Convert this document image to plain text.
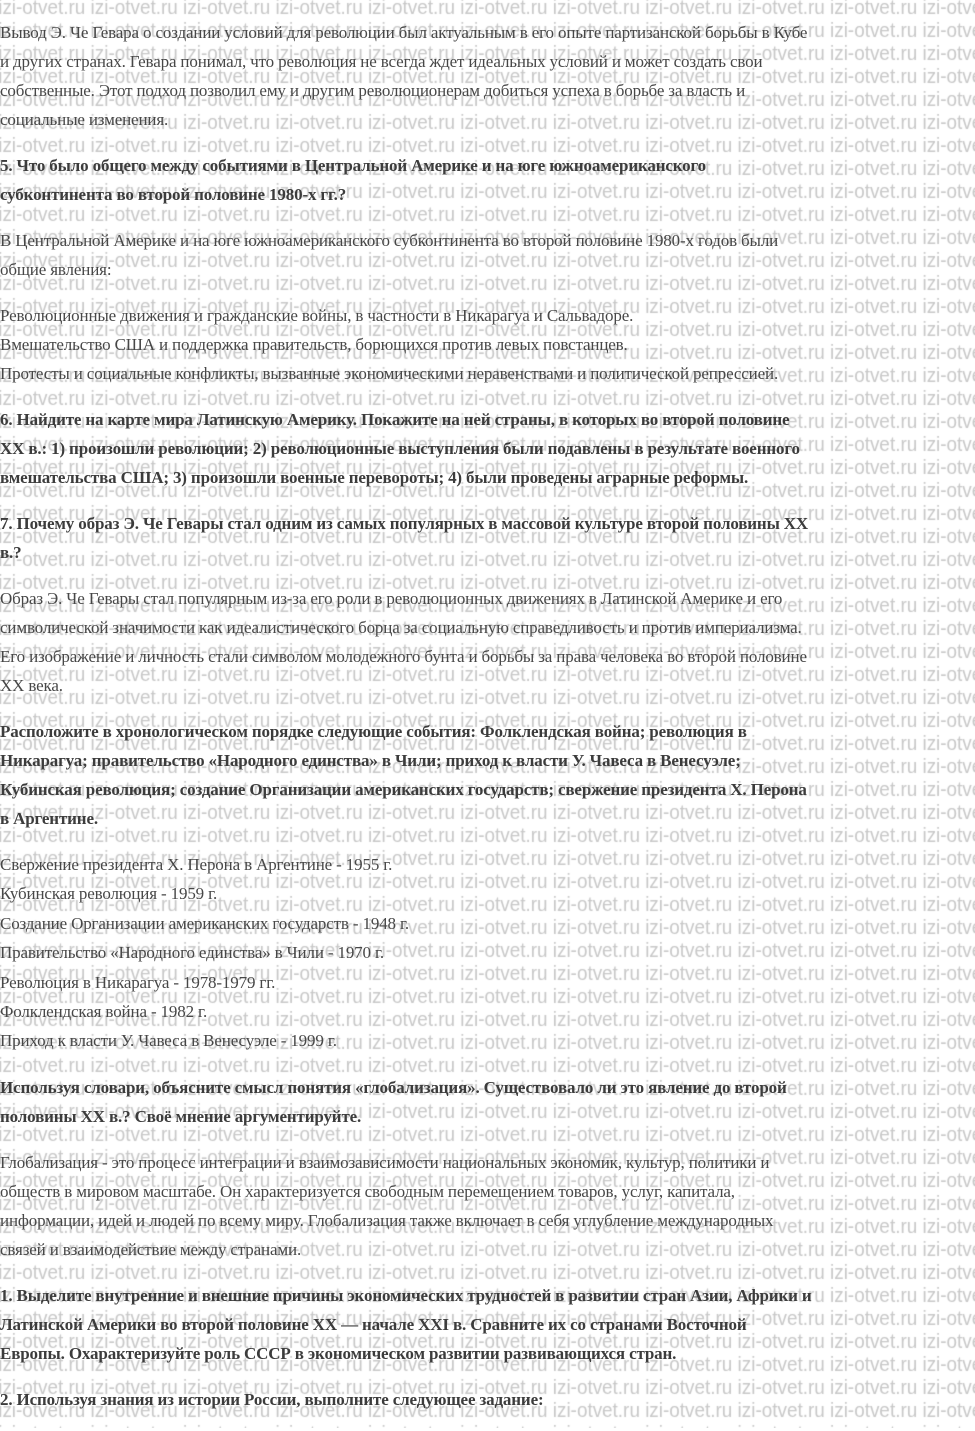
Вывод Э. Че Гевара о создании условий для революции был актуальным в его опыте партизанской борьбы в Кубе
и других странах. Гевара понимал, что революция не всегда ждет идеальных условий и может создать свои
собственные. Этот подход позволил ему и другим революционерам добиться успеха в борьбе за власть и
социальные изменения.
5. Что было общего между событиями в Центральной Америке и на юге южноамериканского
субконтинента во второй половине 1980-х гг.?
В Центральной Америке и на юге южноамериканского субконтинента во второй половине 1980-х годов были
общие явления:
Революционные движения и гражданские войны, в частности в Никарагуа и Сальвадоре.
Вмешательство США и поддержка правительств, борющихся против левых повстанцев.
Протесты и социальные конфликты, вызванные экономическими неравенствами и политической репрессией.
6. Найдите на карте мира Латинскую Америку. Покажите на ней страны, в которых во второй половине
XX в.: 1) произошли революции; 2) революционные выступления были подавлены в результате военного
вмешательства США; 3) произошли военные перевороты; 4) были проведены аграрные реформы.
7. Почему образ Э. Че Гевары стал одним из самых популярных в массовой культуре второй половины XX
в.?
Образ Э. Че Гевары стал популярным из-за его роли в революционных движениях в Латинской Америке и его
символической значимости как идеалистического борца за социальную справедливость и против империализма.
Его изображение и личность стали символом молодежного бунта и борьбы за права человека во второй половине
XX века.
Расположите в хронологическом порядке следующие события: Фолклендская война; революция в
Никарагуа; правительство «Народного единства» в Чили; приход к власти У. Чавеса в Венесуэле;
Кубинская революция; создание Организации американских государств; свержение президента Х. Перона
в Аргентине.
Свержение президента Х. Перона в Аргентине - 1955 г.
Кубинская революция - 1959 г.
Создание Организации американских государств - 1948 г.
Правительство «Народного единства» в Чили - 1970 г.
Революция в Никарагуа - 1978-1979 гг.
Фолклендская война - 1982 г.
Приход к власти У. Чавеса в Венесуэле - 1999 г.
Используя словари, объясните смысл понятия «глобализация». Существовало ли это явление до второй
половины XX в.? Своё мнение аргументируйте.
Глобализация - это процесс интеграции и взаимозависимости национальных экономик, культур, политики и
обществ в мировом масштабе. Он характеризуется свободным перемещением товаров, услуг, капитала,
информации, идей и людей по всему миру. Глобализация также включает в себя углубление международных
связей и взаимодействие между странами.
1. Выделите внутренние и внешние причины экономических трудностей в развитии стран Азии, Африки и
Латинской Америки во второй половине XX — начале XXI в. Сравните их со странами Восточной
Европы. Охарактеризуйте роль СССР в экономическом развитии развивающихся стран.
2. Используя знания из истории России, выполните следующее задание:
